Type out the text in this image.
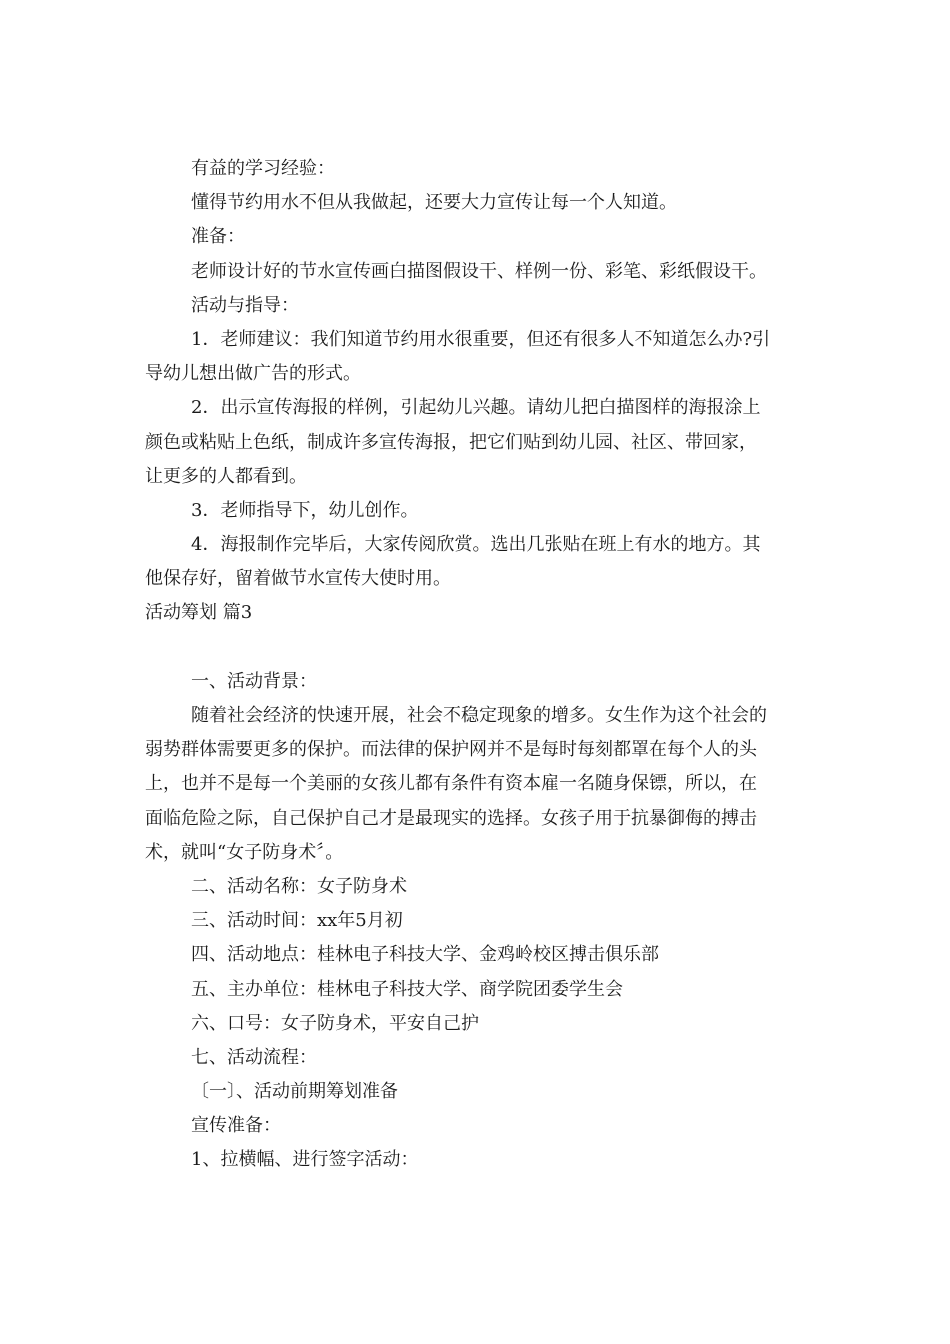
有益的学习经验：
懂得节约用水不但从我做起，还要大力宣传让每一个人知道。
准备：
老师设计好的节水宣传画白描图假设干、样例一份、彩笔、彩纸假设干。
活动与指导：
1．老师建议：我们知道节约用水很重要，但还有很多人不知道怎么办?引
导幼儿想出做广告的形式。
2．出示宣传海报的样例，引起幼儿兴趣。请幼儿把白描图样的海报涂上
颜色或粘贴上色纸，制成许多宣传海报，把它们贴到幼儿园、社区、带回家，
让更多的人都看到。
3．老师指导下，幼儿创作。
4．海报制作完毕后，大家传阅欣赏。选出几张贴在班上有水的地方。其
他保存好，留着做节水宣传大使时用。
活动筹划 篇3
一、活动背景：
随着社会经济的快速开展，社会不稳定现象的增多。女生作为这个社会的
弱势群体需要更多的保护。而法律的保护网并不是每时每刻都罩在每个人的头
上，也并不是每一个美丽的女孩儿都有条件有资本雇一名随身保镖，所以，在
面临危险之际，自己保护自己才是最现实的选择。女孩子用于抗暴御侮的搏击
术，就叫“女子防身术〞。
二、活动名称：女子防身术
三、活动时间：xx年5月初
四、活动地点：桂林电子科技大学、金鸡岭校区搏击俱乐部
五、主办单位：桂林电子科技大学、商学院团委学生会
六、口号：女子防身术，平安自己护
七、活动流程：
〔一〕、活动前期筹划准备
宣传准备：
1、拉横幅、进行签字活动：
